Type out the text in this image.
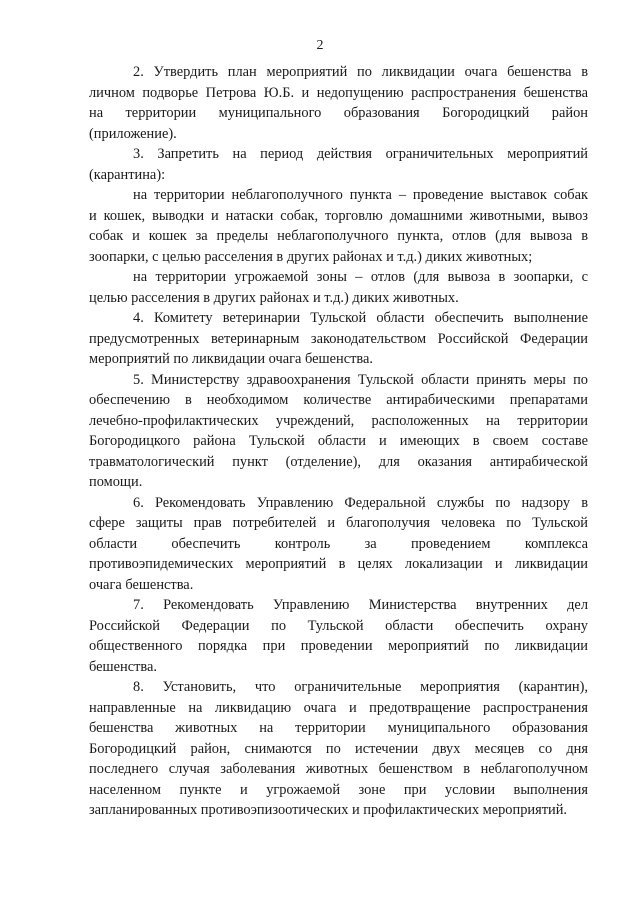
2
2. Утвердить план мероприятий по ликвидации очага бешенства в
личном подворье Петрова Ю.Б. и недопущению распространения бешенства
на территории муниципального образования Богородицкий район
(приложение).
3. Запретить на период действия ограничительных мероприятий
(карантина):
на территории неблагополучного пункта – проведение выставок собак
и кошек, выводки и натаски собак, торговлю домашними животными, вывоз
собак и кошек за пределы неблагополучного пункта, отлов (для вывоза в
зоопарки, с целью расселения в других районах и т.д.) диких животных;
на территории угрожаемой зоны – отлов (для вывоза в зоопарки, с
целью расселения в других районах и т.д.) диких животных.
4. Комитету ветеринарии Тульской области обеспечить выполнение
предусмотренных ветеринарным законодательством Российской Федерации
мероприятий по ликвидации очага бешенства.
5. Министерству здравоохранения Тульской области принять меры по
обеспечению в необходимом количестве антирабическими препаратами
лечебно-профилактических учреждений, расположенных на территории
Богородицкого района Тульской области и имеющих в своем составе
травматологический пункт (отделение), для оказания антирабической
помощи.
6. Рекомендовать Управлению Федеральной службы по надзору в
сфере защиты прав потребителей и благополучия человека по Тульской
области обеспечить контроль за проведением комплекса
противоэпидемических мероприятий в целях локализации и ликвидации
очага бешенства.
7. Рекомендовать Управлению Министерства внутренних дел
Российской Федерации по Тульской области обеспечить охрану
общественного порядка при проведении мероприятий по ликвидации
бешенства.
8. Установить, что ограничительные мероприятия (карантин),
направленные на ликвидацию очага и предотвращение распространения
бешенства животных на территории муниципального образования
Богородицкий район, снимаются по истечении двух месяцев со дня
последнего случая заболевания животных бешенством в неблагополучном
населенном пункте и угрожаемой зоне при условии выполнения
запланированных противоэпизоотических и профилактических мероприятий.
